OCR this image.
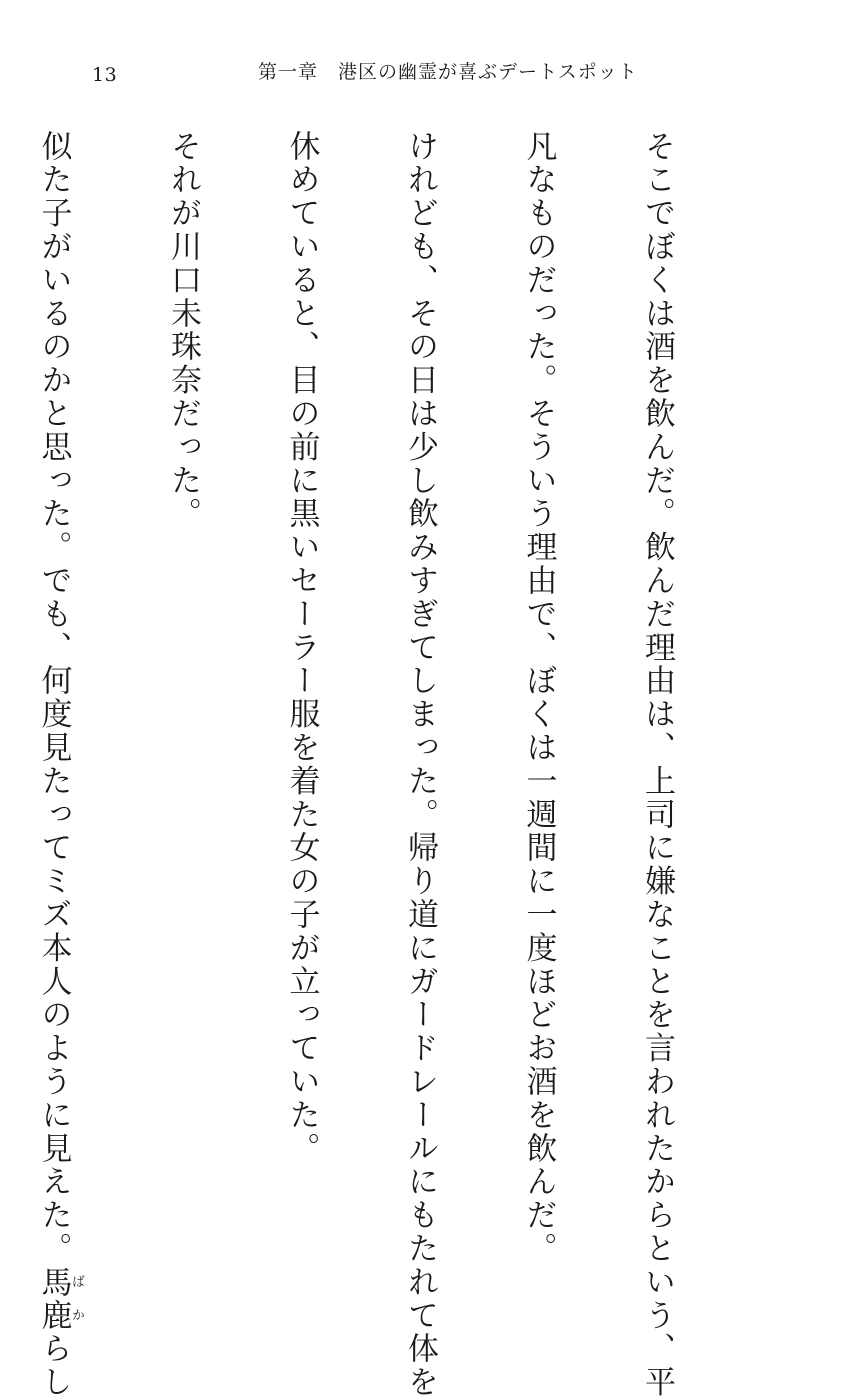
13	第一章　港区の幽霊が喜ぶデートスポット

そこでぼくは酒を飲んだ。飲んだ理由は、上司に嫌なことを言われたからという、平

凡なものだった。そういう理由で、ぼくは一週間に一度ほどお酒を飲んだ。

けれども、その日は少し飲みすぎてしまった。帰り道にガードレールにもたれて体を

休めていると、目の前に黒いセーラー服を着た女の子が立っていた。

それが川口未珠奈だった。

似た子がいるのかと思った。でも、何度見たってミズ本人のように見えた。馬鹿ばからし
